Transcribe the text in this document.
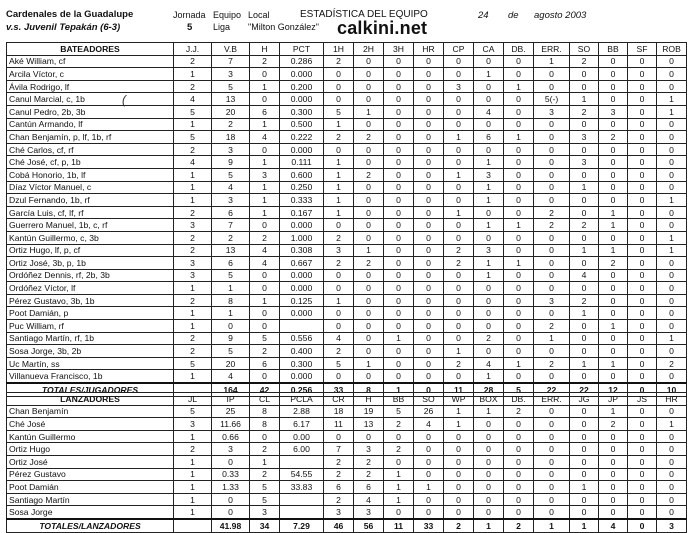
Cardenales de la Guadalupe
v.s. Juvenil Tepakán (6-3)
Jornada
5
Equipo
Liga
Local
"Milton González"
ESTADÍSTICA DEL EQUIPO
calkini.net
24 de agosto 2003
BATEADORES	J.J.	V.B	H	PCT	1H	2H	3H	HR	CP	CA	DB.	ERR.	SO	BB	SF	ROB
Aké William, cf	2	7	2	0.286	2	0	0	0	0	0	0	1	2	0	0	0
Arcila Víctor, c	1	3	0	0.000	0	0	0	0	0	1	0	0	0	0	0	0
Ávila Rodrigo, lf	2	5	1	0.200	0	0	0	0	3	0	1	0	0	0	0	0
Canul Marcial, c, 1b	4	13	0	0.000	0	0	0	0	0	0	0	5(-)	1	0	0	1
Canul Pedro, 2b, 3b	5	20	6	0.300	5	1	0	0	0	4	0	3	2	3	0	1
Cantún Armando, lf	1	2	1	0.500	1	0	0	0	0	0	0	0	0	0	0	0
Chan Benjamín, p, lf, 1b, rf	5	18	4	0.222	2	2	0	0	1	6	1	0	3	2	0	0
Ché Carlos, cf, rf	2	3	0	0.000	0	0	0	0	0	0	0	0	0	0	0	0
Ché José, cf, p, 1b	4	9	1	0.111	1	0	0	0	0	1	0	0	3	0	0	0
Cobá Honorio, 1b, lf	1	5	3	0.600	1	2	0	0	1	3	0	0	0	0	0	0
Díaz Víctor Manuel, c	1	4	1	0.250	1	0	0	0	0	1	0	0	1	0	0	0
Dzul Fernando, 1b, rf	1	3	1	0.333	1	0	0	0	0	1	0	0	0	0	0	1
García Luis, cf, lf, rf	2	6	1	0.167	1	0	0	0	1	0	0	2	0	1	0	0
Guerrero Manuel, 1b, c, rf	3	7	0	0.000	0	0	0	0	0	1	1	2	2	1	0	0
Kantún Guillermo, c, 3b	2	2	2	1.000	2	0	0	0	0	0	0	0	0	0	0	1
Ortiz Hugo, lf, p, cf	2	13	4	0.308	3	1	0	0	2	3	0	0	1	1	0	1
Ortiz José, 3b, p, 1b	3	6	4	0.667	2	2	0	0	2	1	1	0	0	2	0	0
Ordóñez Dennis, rf, 2b, 3b	3	5	0	0.000	0	0	0	0	0	1	0	0	4	0	0	0
Ordóñez Víctor, lf	1	1	0	0.000	0	0	0	0	0	0	0	0	0	0	0	0
Pérez Gustavo, 3b, 1b	2	8	1	0.125	1	0	0	0	0	0	0	3	2	0	0	0
Poot Damián, p	1	1	0	0.000	0	0	0	0	0	0	0	0	1	0	0	0
Puc William, rf	1	0	0		0	0	0	0	0	0	0	2	0	1	0	0
Santiago Martín, rf, 1b	2	9	5	0.556	4	0	1	0	0	2	0	1	0	0	0	1
Sosa Jorge, 3b, 2b	2	5	2	0.400	2	0	0	0	1	0	0	0	0	0	0	0
Uc Martín, ss	5	20	6	0.300	5	1	0	0	2	4	1	2	1	1	0	2
Villanueva Francisco, 1b	1	4	0	0.000	0	0	0	0	0	1	0	0	0	0	0	0
TOTALES/JUGADORES		164	42	0.256	33	8	1	0	11	28	5	22	22	12	0	10
LANZADORES	JL	IP	CL	PCLA	CR	H	BB	SO	WP	BOX	DB.	ERR.	JG	JP	JS	HR
Chan Benjamín	5	25	8	2.88	18	19	5	26	1	1	2	0	0	1	0	0
Ché José	3	11.66	8	6.17	11	13	2	4	1	0	0	0	0	2	0	1
Kantún Guillermo	1	0.66	0	0.00	0	0	0	0	0	0	0	0	0	0	0	0
Ortiz Hugo	2	3	2	6.00	7	3	2	0	0	0	0	0	0	0	0	0
Ortiz José	1	0	1		2	2	0	0	0	0	0	0	0	0	0	0
Pérez Gustavo	1	0.33	2	54.55	2	2	1	0	0	0	0	0	0	0	0	0
Poot Damián	1	1.33	5	33.83	6	6	1	1	0	0	0	0	1	0	0	0
Santiago Martín	1	0	5		2	4	1	0	0	0	0	0	0	0	0	0
Sosa Jorge	1	0	3		3	3	0	0	0	0	0	0	0	0	0	0
TOTALES/LANZADORES		41.98	34	7.29	46	56	11	33	2	1	2	1	1	4	0	3
(
